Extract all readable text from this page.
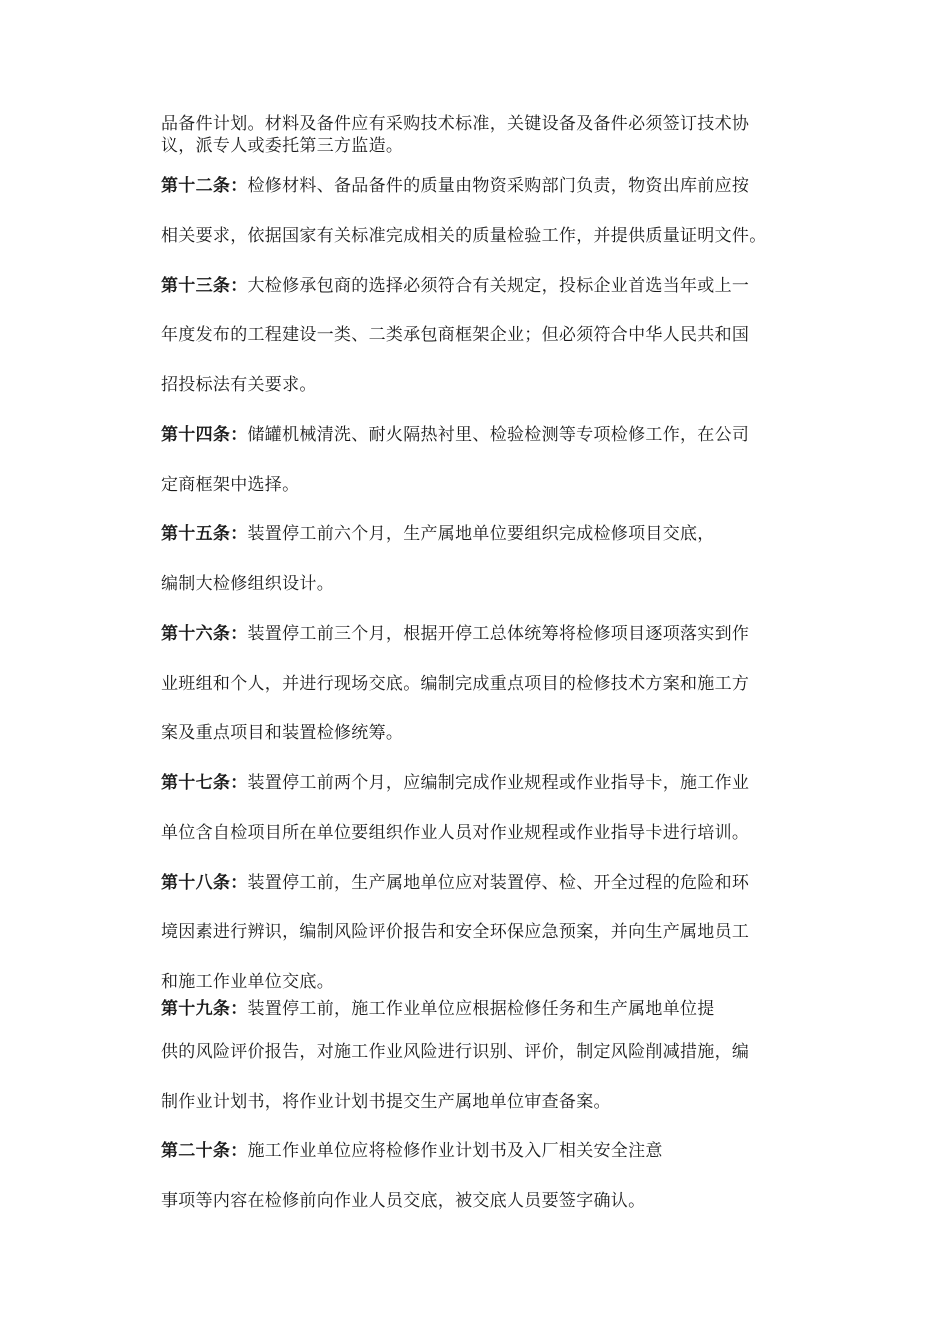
品备件计划。材料及备件应有采购技术标准，关键设备及备件必须签订技术协
议，派专人或委托第三方监造。
第十二条：检修材料、备品备件的质量由物资采购部门负责，物资出库前应按
相关要求，依据国家有关标准完成相关的质量检验工作，并提供质量证明文件。
第十三条：大检修承包商的选择必须符合有关规定，投标企业首选当年或上一
年度发布的工程建设一类、二类承包商框架企业；但必须符合中华人民共和国
招投标法有关要求。
第十四条：储罐机械清洗、耐火隔热衬里、检验检测等专项检修工作，在公司
定商框架中选择。
第十五条：装置停工前六个月，生产属地单位要组织完成检修项目交底，
编制大检修组织设计。
第十六条：装置停工前三个月，根据开停工总体统筹将检修项目逐项落实到作
业班组和个人，并进行现场交底。编制完成重点项目的检修技术方案和施工方
案及重点项目和装置检修统筹。
第十七条：装置停工前两个月，应编制完成作业规程或作业指导卡，施工作业
单位含自检项目所在单位要组织作业人员对作业规程或作业指导卡进行培训。
第十八条：装置停工前，生产属地单位应对装置停、检、开全过程的危险和环
境因素进行辨识，编制风险评价报告和安全环保应急预案，并向生产属地员工
和施工作业单位交底。
第十九条：装置停工前，施工作业单位应根据检修任务和生产属地单位提
供的风险评价报告，对施工作业风险进行识别、评价，制定风险削减措施，编
制作业计划书，将作业计划书提交生产属地单位审查备案。
第二十条：施工作业单位应将检修作业计划书及入厂相关安全注意
事项等内容在检修前向作业人员交底，被交底人员要签字确认。
